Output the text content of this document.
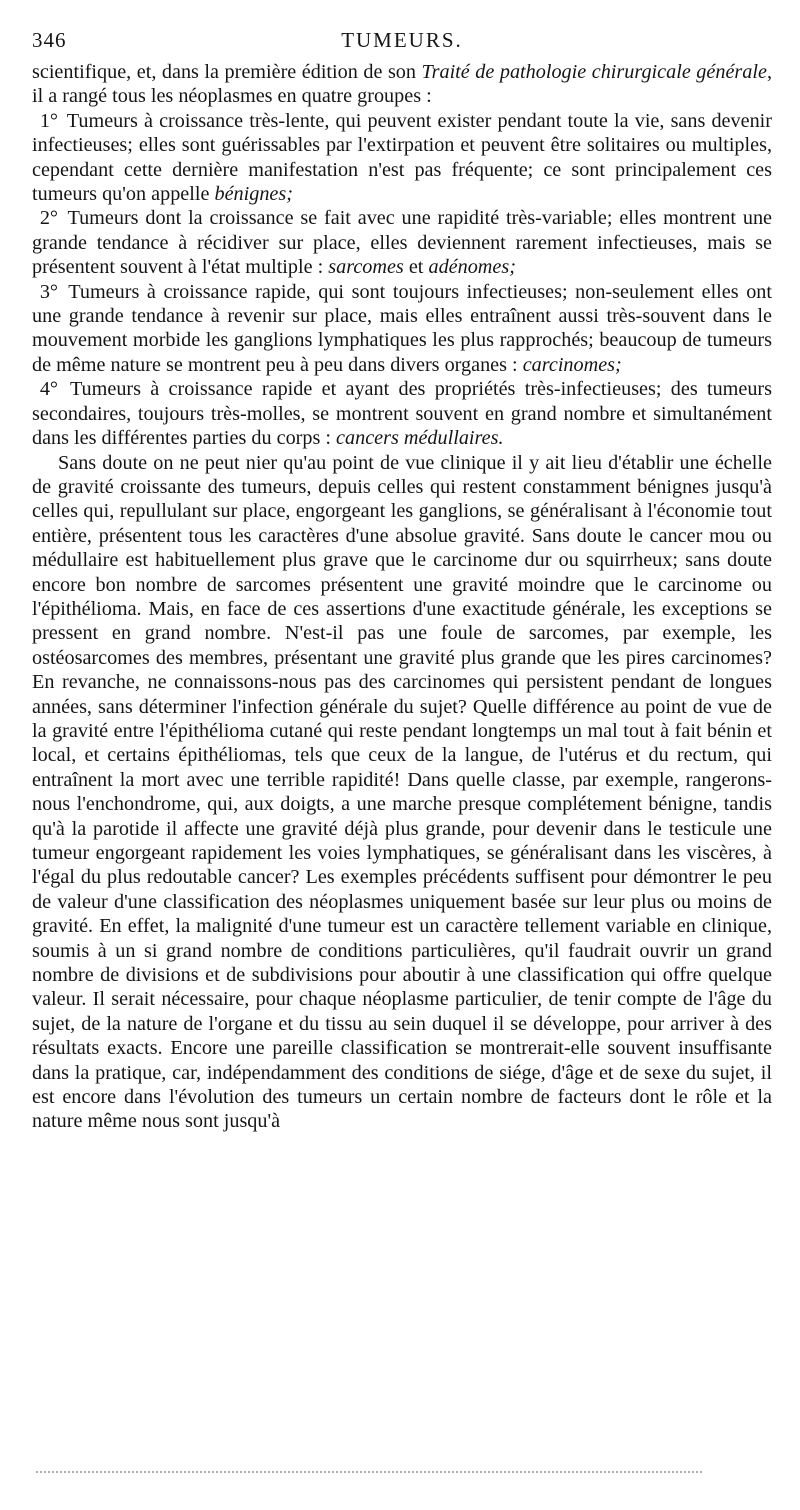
346	TUMEURS.

scientifique, et, dans la première édition de son Traité de pathologie chirurgicale générale, il a rangé tous les néoplasmes en quatre groupes :

1° Tumeurs à croissance très-lente, qui peuvent exister pendant toute la vie, sans devenir infectieuses; elles sont guérissables par l'extirpation et peuvent être solitaires ou multiples, cependant cette dernière manifestation n'est pas fréquente; ce sont principalement ces tumeurs qu'on appelle bénignes;

2° Tumeurs dont la croissance se fait avec une rapidité très-variable; elles montrent une grande tendance à récidiver sur place, elles deviennent rarement infectieuses, mais se présentent souvent à l'état multiple : sarcomes et adénomes;

3° Tumeurs à croissance rapide, qui sont toujours infectieuses; non-seulement elles ont une grande tendance à revenir sur place, mais elles entraînent aussi très-souvent dans le mouvement morbide les ganglions lymphatiques les plus rapprochés; beaucoup de tumeurs de même nature se montrent peu à peu dans divers organes : carcinomes;

4° Tumeurs à croissance rapide et ayant des propriétés très-infectieuses; des tumeurs secondaires, toujours très-molles, se montrent souvent en grand nombre et simultanément dans les différentes parties du corps : cancers médullaires.

Sans doute on ne peut nier qu'au point de vue clinique il y ait lieu d'établir une échelle de gravité croissante des tumeurs, depuis celles qui restent constamment bénignes jusqu'à celles qui, repullulant sur place, engorgeant les ganglions, se généralisant à l'économie tout entière, présentent tous les caractères d'une absolue gravité. Sans doute le cancer mou ou médullaire est habituellement plus grave que le carcinome dur ou squirrheux; sans doute encore bon nombre de sarcomes présentent une gravité moindre que le carcinome ou l'épithélioma. Mais, en face de ces assertions d'une exactitude générale, les exceptions se pressent en grand nombre. N'est-il pas une foule de sarcomes, par exemple, les ostéosarcomes des membres, présentant une gravité plus grande que les pires carcinomes? En revanche, ne connaissons-nous pas des carcinomes qui persistent pendant de longues années, sans déterminer l'infection générale du sujet? Quelle différence au point de vue de la gravité entre l'épithélioma cutané qui reste pendant longtemps un mal tout à fait bénin et local, et certains épithéliomas, tels que ceux de la langue, de l'utérus et du rectum, qui entraînent la mort avec une terrible rapidité! Dans quelle classe, par exemple, rangerons-nous l'enchondrome, qui, aux doigts, a une marche presque complétement bénigne, tandis qu'à la parotide il affecte une gravité déjà plus grande, pour devenir dans le testicule une tumeur engorgeant rapidement les voies lymphatiques, se généralisant dans les viscères, à l'égal du plus redoutable cancer? Les exemples précédents suffisent pour démontrer le peu de valeur d'une classification des néoplasmes uniquement basée sur leur plus ou moins de gravité. En effet, la malignité d'une tumeur est un caractère tellement variable en clinique, soumis à un si grand nombre de conditions particulières, qu'il faudrait ouvrir un grand nombre de divisions et de subdivisions pour aboutir à une classification qui offre quelque valeur. Il serait nécessaire, pour chaque néoplasme particulier, de tenir compte de l'âge du sujet, de la nature de l'organe et du tissu au sein duquel il se développe, pour arriver à des résultats exacts. Encore une pareille classification se montrerait-elle souvent insuffisante dans la pratique, car, indépendamment des conditions de siége, d'âge et de sexe du sujet, il est encore dans l'évolution des tumeurs un certain nombre de facteurs dont le rôle et la nature même nous sont jusqu'à
